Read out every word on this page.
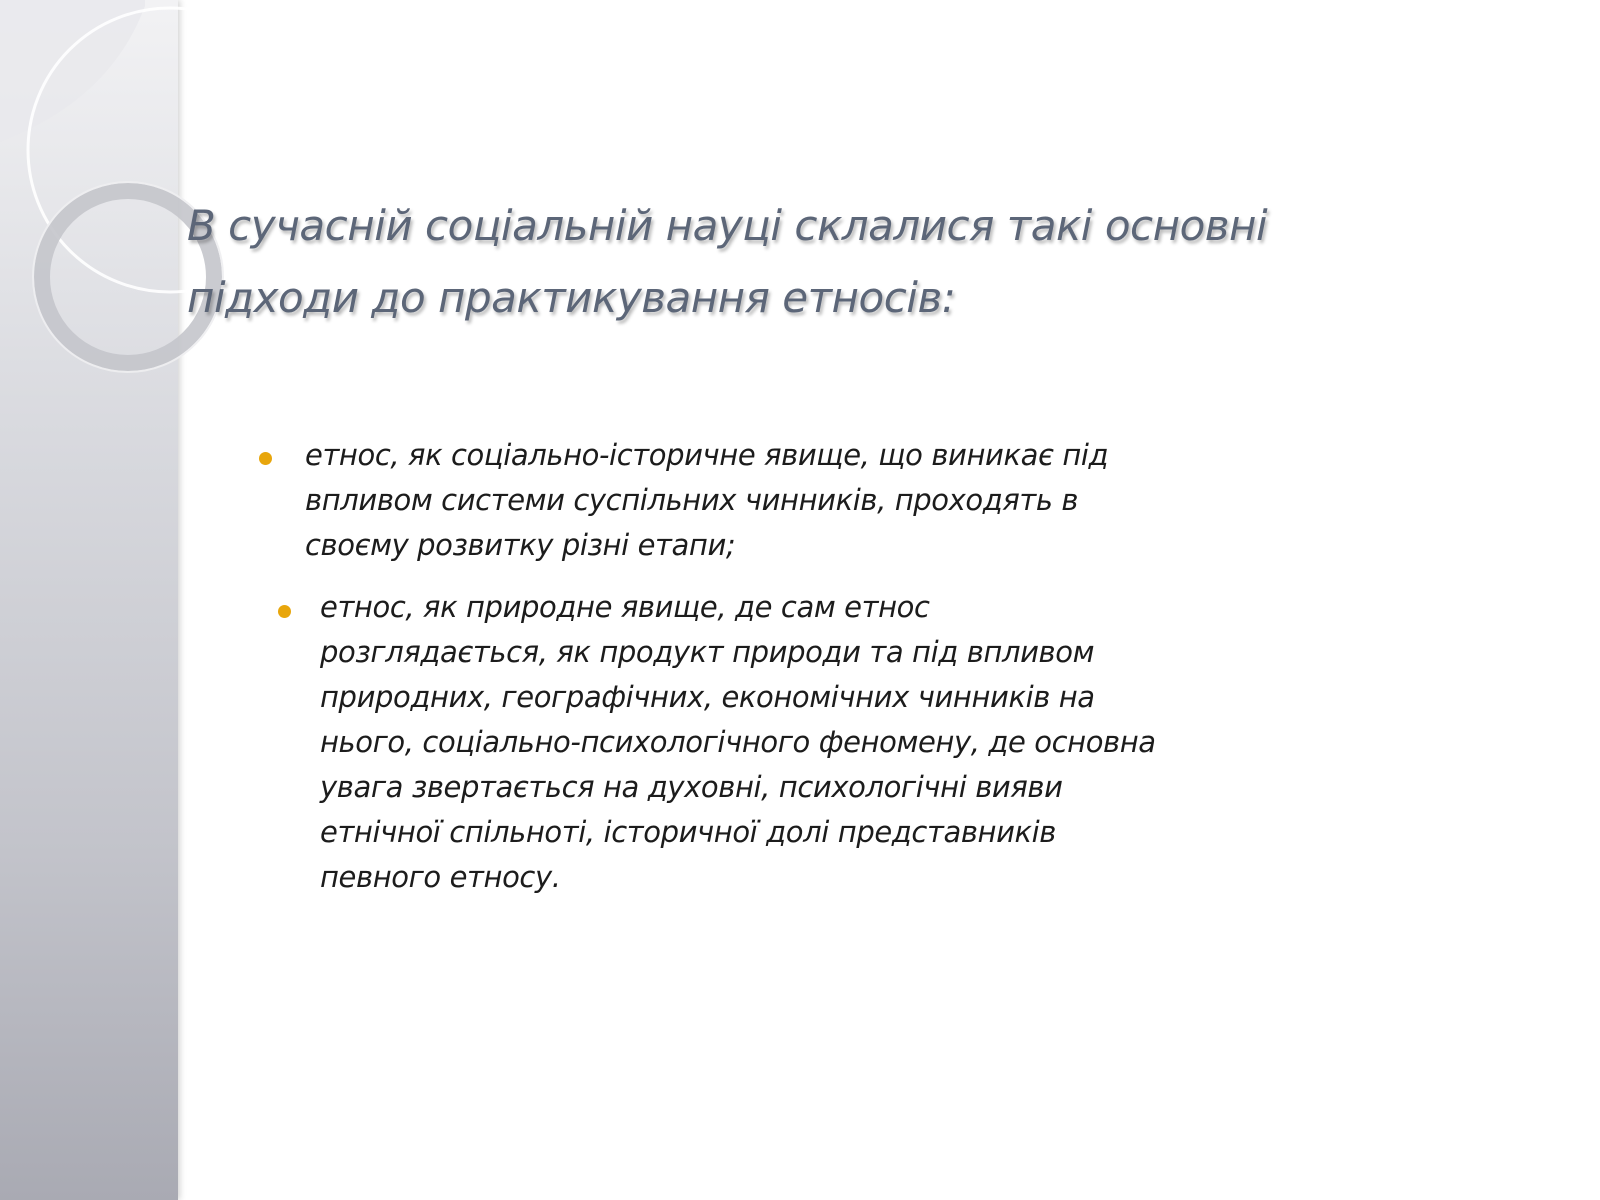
В сучасній соціальній науці склалися такі основні підходи до практикування етносів:
етнос, як соціально-історичне явище, що виникає під
впливом системи суспільних чинників, проходять в
своєму розвитку різні етапи;
етнос, як природне явище, де сам етнос
розглядається, як продукт природи та під впливом
природних, географічних, економічних чинників на
нього, соціально-психологічного феномену, де основна
увага звертається на духовні, психологічні вияви
етнічної спільноті, історичної долі представників
певного етносу.
